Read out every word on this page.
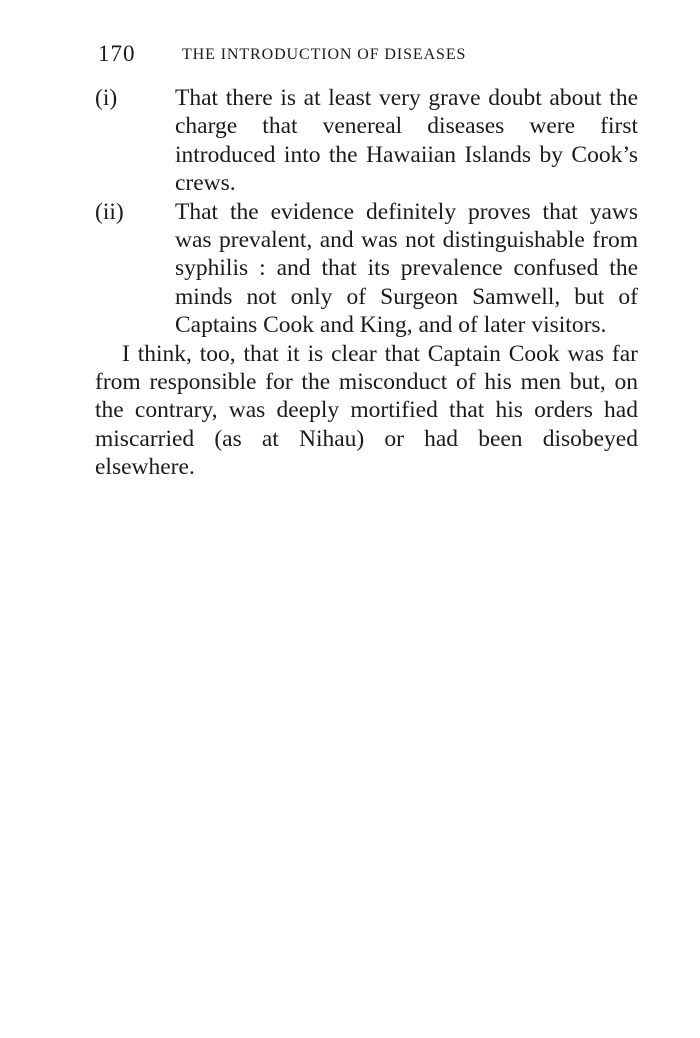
170	THE INTRODUCTION OF DISEASES
(i)	That there is at least very grave doubt about the charge that venereal diseases were first introduced into the Hawaiian Islands by Cook’s crews.
(ii)	That the evidence definitely proves that yaws was prevalent, and was not distinguishable from syphilis : and that its prevalence confused the minds not only of Surgeon Samwell, but of Captains Cook and King, and of later visitors.

I think, too, that it is clear that Captain Cook was far from responsible for the misconduct of his men but, on the contrary, was deeply mortified that his orders had miscarried (as at Nihau) or had been disobeyed elsewhere.
